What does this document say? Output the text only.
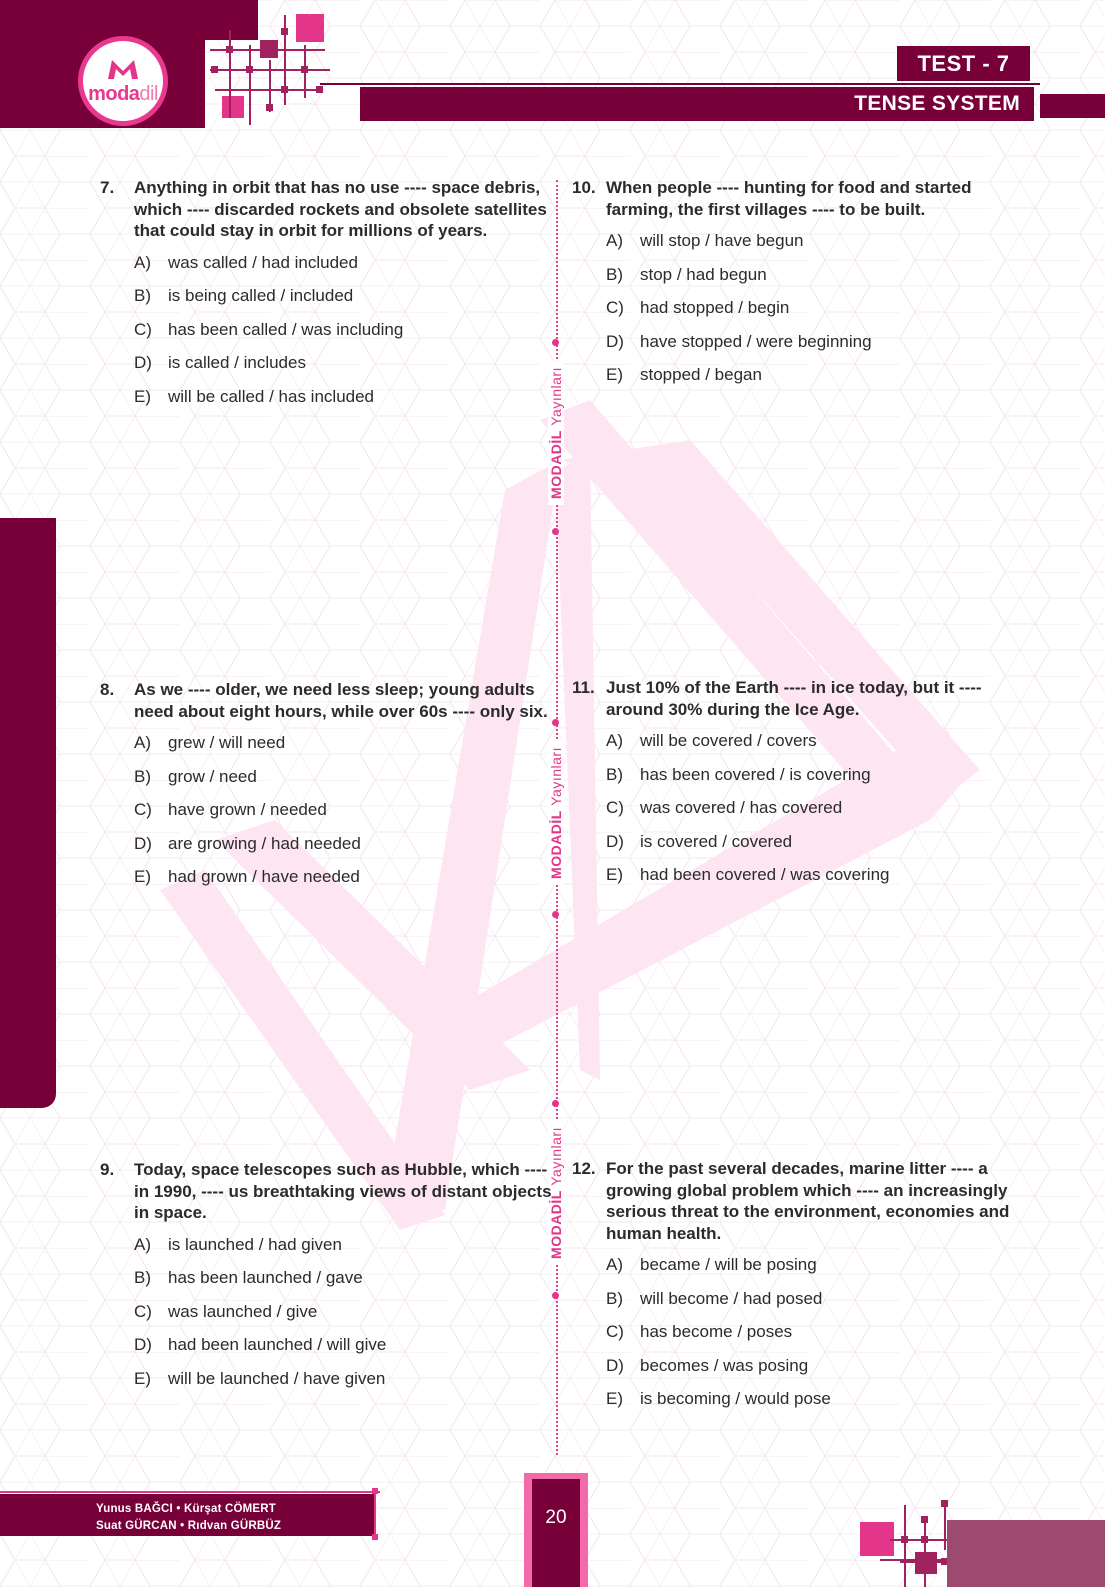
modadil
TEST - 7
TENSE SYSTEM
MODADİL Yayınları
MODADİL Yayınları
MODADİL Yayınları
7. Anything in orbit that has no use ---- space debris, which ---- discarded rockets and obsolete satellites that could stay in orbit for millions of years.
A)	was called / had included
B)	is being called / included
C) has been called / was including
D) is called / includes
E)	will be called / has included
8. As we ---- older, we need less sleep; young adults need about eight hours, while over 60s ---- only six.
A)	grew / will need
B)	grow / need
C) have grown / needed
D) are growing / had needed
E)	had grown / have needed
9. Today, space telescopes such as Hubble, which ---- in 1990, ---- us breathtaking views of distant objects in space.
A)	is launched / had given
B)	has been launched / gave
C) was launched / give
D) had been launched / will give
E)	will be launched / have given
10. When people ---- hunting for food and started farming, the first villages ---- to be built.
A)	will stop / have begun
B)	stop / had begun
C) had stopped / begin
D) have stopped / were beginning
E)	stopped / began
11. Just 10% of the Earth ---- in ice today, but it ---- around 30% during the Ice Age.
A)	will be covered / covers
B)	has been covered / is covering
C) was covered / has covered
D) is covered / covered
E)	had been covered / was covering
12. For the past several decades, marine litter ---- a growing global problem which ---- an increasingly serious threat to the environment, economies and human health.
A)	became / will be posing
B)	will become / had posed
C) has become / poses
D) becomes / was posing
E)	is becoming / would pose
Yunus BAĞCI • Kürşat CÖMERT
Suat GÜRCAN • Rıdvan GÜRBÜZ	20
